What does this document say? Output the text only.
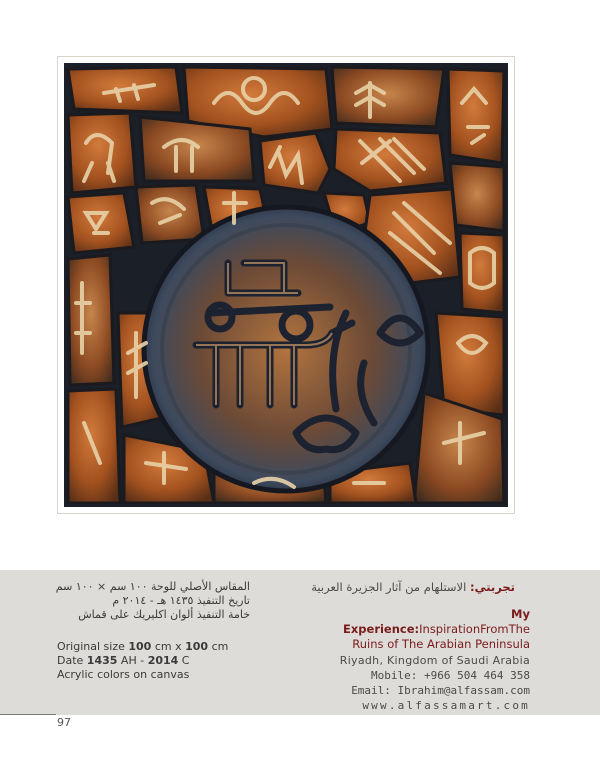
المقاس الأصلي للوحة ١٠٠ سم × ١٠٠ سم
تاريخ التنفيذ ١٤٣٥ هـ - ٢٠١٤ م
خامة التنفيذ ألوان اكليريك على قماش
Original size 100 cm x 100 cm
Date 1435 AH - 2014 C
Acrylic colors on canvas
تجربتي: الاستلهام من آثار الجزيرة العربية
My Experience:InspirationFromThe
Ruins of The Arabian Peninsula
Riyadh, Kingdom of Saudi Arabia
Mobile: +966 504 464 358
Email: Ibrahim@alfassam.com
www.alfassamart.com
97
